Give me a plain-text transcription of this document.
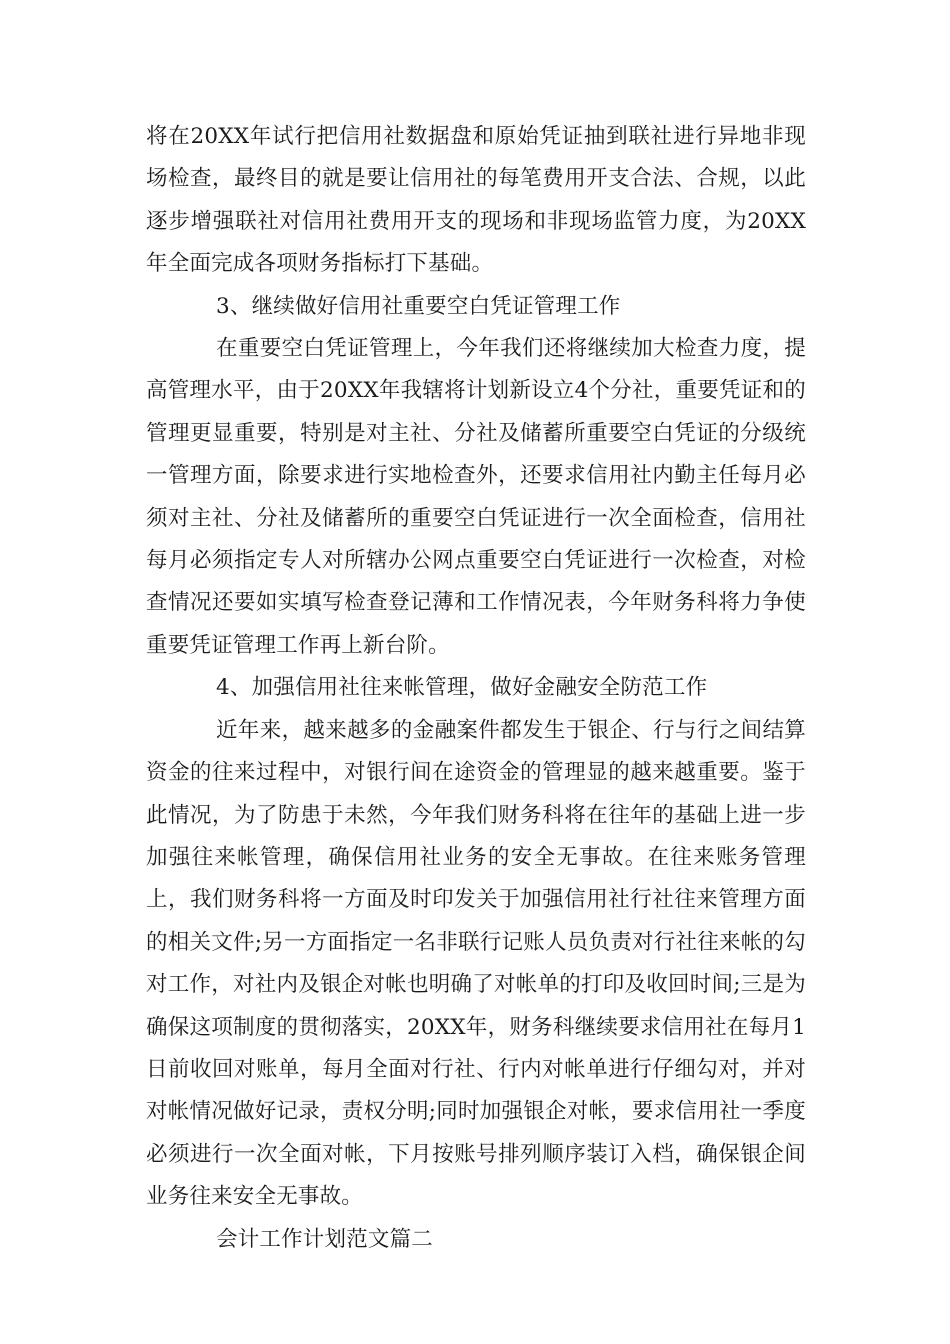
将在20XX年试行把信用社数据盘和原始凭证抽到联社进行异地非现场检查，最终目的就是要让信用社的每笔费用开支合法、合规，以此逐步增强联社对信用社费用开支的现场和非现场监管力度，为20XX年全面完成各项财务指标打下基础。

3、继续做好信用社重要空白凭证管理工作

在重要空白凭证管理上，今年我们还将继续加大检查力度，提高管理水平，由于20XX年我辖将计划新设立4个分社，重要凭证和的管理更显重要，特别是对主社、分社及储蓄所重要空白凭证的分级统一管理方面，除要求进行实地检查外，还要求信用社内勤主任每月必须对主社、分社及储蓄所的重要空白凭证进行一次全面检查，信用社每月必须指定专人对所辖办公网点重要空白凭证进行一次检查，对检查情况还要如实填写检查登记薄和工作情况表，今年财务科将力争使重要凭证管理工作再上新台阶。

4、加强信用社往来帐管理，做好金融安全防范工作

近年来，越来越多的金融案件都发生于银企、行与行之间结算资金的往来过程中，对银行间在途资金的管理显的越来越重要。鉴于此情况，为了防患于未然，今年我们财务科将在往年的基础上进一步加强往来帐管理，确保信用社业务的安全无事故。在往来账务管理上，我们财务科将一方面及时印发关于加强信用社行社往来管理方面的相关文件;另一方面指定一名非联行记账人员负责对行社往来帐的勾对工作，对社内及银企对帐也明确了对帐单的打印及收回时间;三是为确保这项制度的贯彻落实，20XX年，财务科继续要求信用社在每月1日前收回对账单，每月全面对行社、行内对帐单进行仔细勾对，并对对帐情况做好记录，责权分明;同时加强银企对帐，要求信用社一季度必须进行一次全面对帐，下月按账号排列顺序装订入档，确保银企间业务往来安全无事故。

会计工作计划范文篇二
